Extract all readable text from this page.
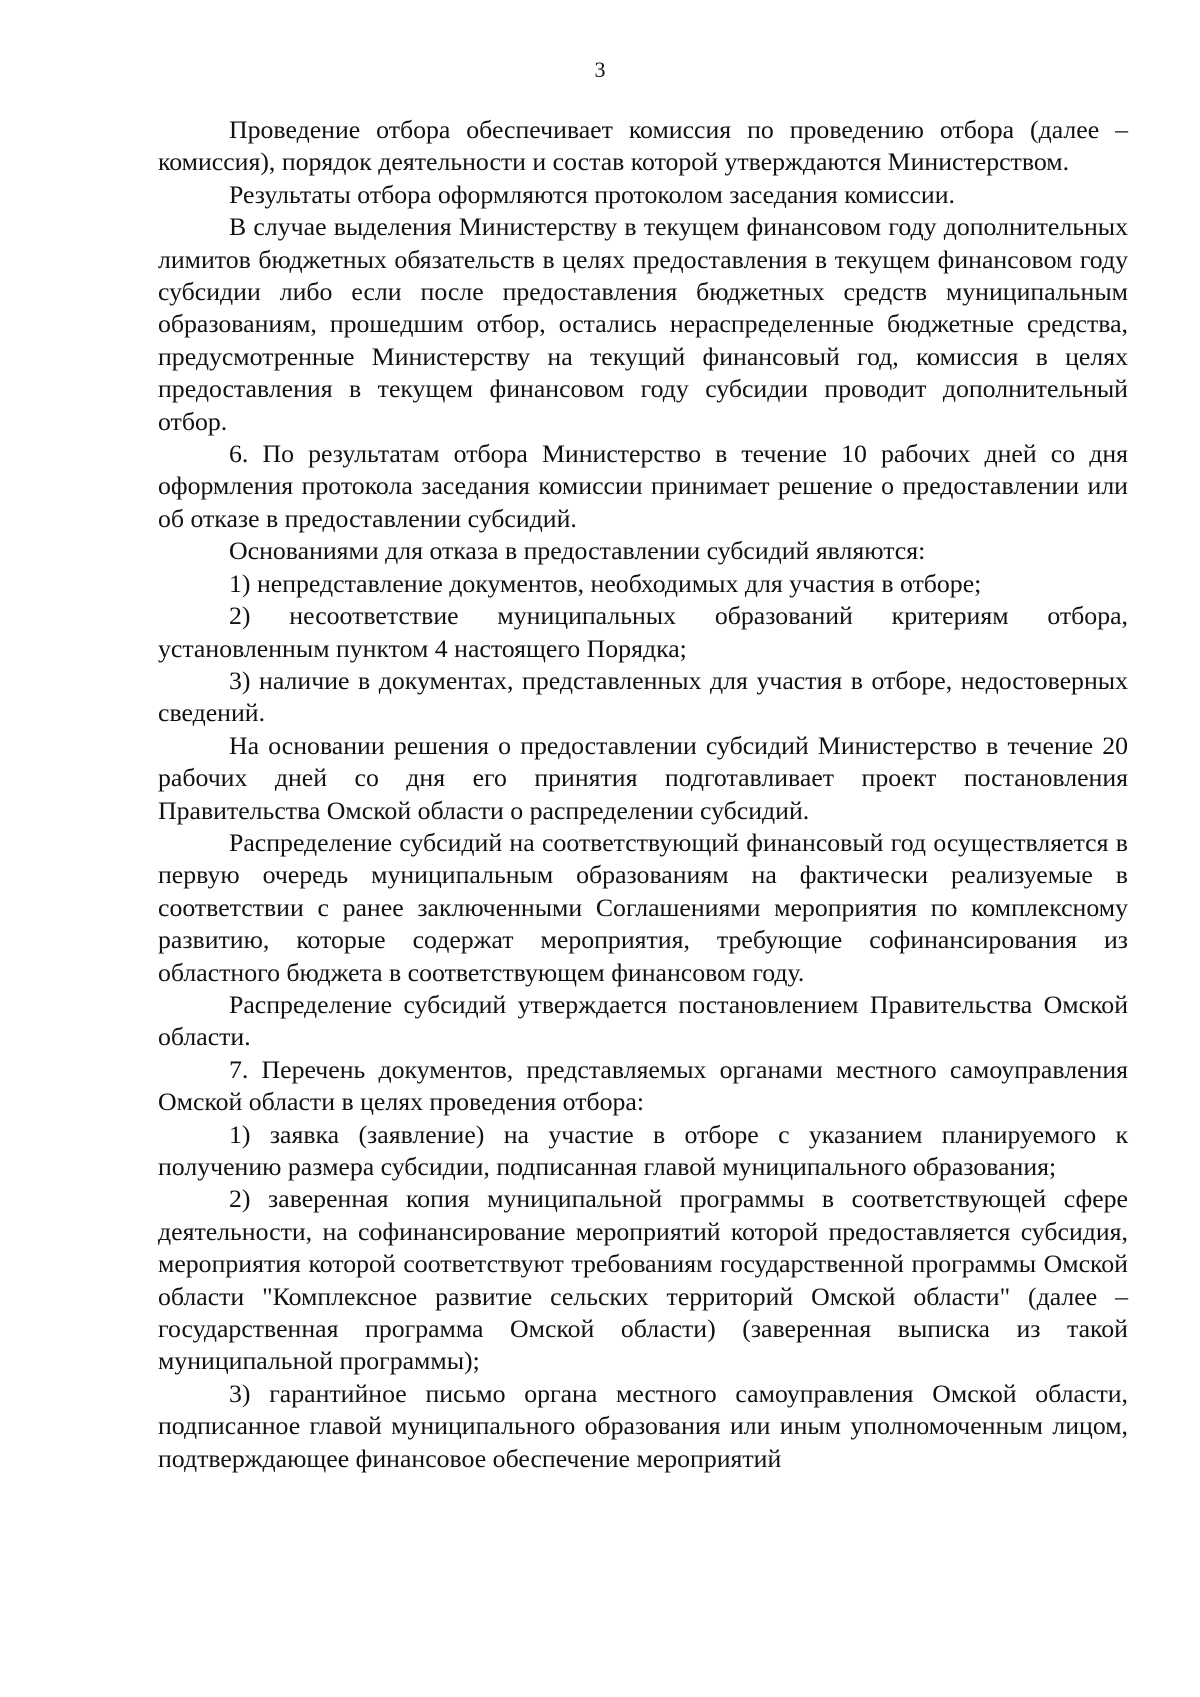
3

Проведение отбора обеспечивает комиссия по проведению отбора (далее – комиссия), порядок деятельности и состав которой утверждаются Министерством.

Результаты отбора оформляются протоколом заседания комиссии.

В случае выделения Министерству в текущем финансовом году дополнительных лимитов бюджетных обязательств в целях предоставления в текущем финансовом году субсидии либо если после предоставления бюджетных средств муниципальным образованиям, прошедшим отбор, остались нераспределенные бюджетные средства, предусмотренные Министерству на текущий финансовый год, комиссия в целях предоставления в текущем финансовом году субсидии проводит дополнительный отбор.

6. По результатам отбора Министерство в течение 10 рабочих дней со дня оформления протокола заседания комиссии принимает решение о предоставлении или об отказе в предоставлении субсидий.

Основаниями для отказа в предоставлении субсидий являются:

1) непредставление документов, необходимых для участия в отборе;

2) несоответствие муниципальных образований критериям отбора, установленным пунктом 4 настоящего Порядка;

3) наличие в документах, представленных для участия в отборе, недостоверных сведений.

На основании решения о предоставлении субсидий Министерство в течение 20 рабочих дней со дня его принятия подготавливает проект постановления Правительства Омской области о распределении субсидий.

Распределение субсидий на соответствующий финансовый год осуществляется в первую очередь муниципальным образованиям на фактически реализуемые в соответствии с ранее заключенными Соглашениями мероприятия по комплексному развитию, которые содержат мероприятия, требующие софинансирования из областного бюджета в соответствующем финансовом году.

Распределение субсидий утверждается постановлением Правительства Омской области.

7. Перечень документов, представляемых органами местного самоуправления Омской области в целях проведения отбора:

1) заявка (заявление) на участие в отборе с указанием планируемого к получению размера субсидии, подписанная главой муниципального образования;

2) заверенная копия муниципальной программы в соответствующей сфере деятельности, на софинансирование мероприятий которой предоставляется субсидия, мероприятия которой соответствуют требованиям государственной программы Омской области "Комплексное развитие сельских территорий Омской области" (далее – государственная программа Омской области) (заверенная выписка из такой муниципальной программы);

3) гарантийное письмо органа местного самоуправления Омской области, подписанное главой муниципального образования или иным уполномоченным лицом, подтверждающее финансовое обеспечение мероприятий
